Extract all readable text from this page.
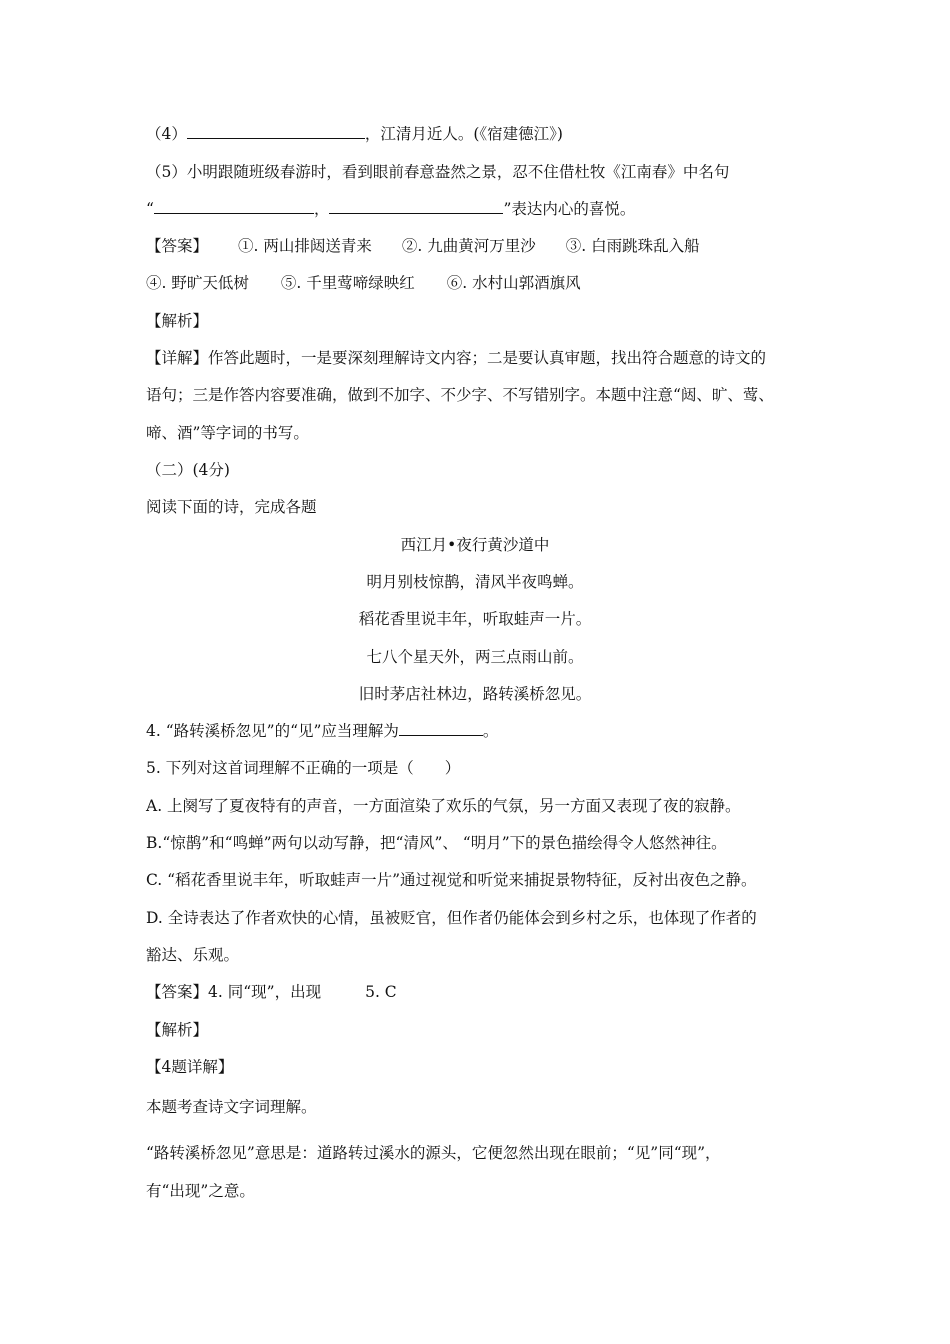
（4）	，江清月近人。(《宿建德江》)
（5）小明跟随班级春游时，看到眼前春意盎然之景，忍不住借杜牧《江南春》中名句
“	，	”表达内心的喜悦。
【答案】 ①. 两山排闼送青来 ②. 九曲黄河万里沙 ③. 白雨跳珠乱入船
④. 野旷天低树 ⑤. 千里莺啼绿映红 ⑥. 水村山郭酒旗风
【解析】
【详解】作答此题时，一是要深刻理解诗文内容；二是要认真审题，找出符合题意的诗文的
语句；三是作答内容要准确，做到不加字、不少字、不写错别字。本题中注意“闼、旷、莺、
啼、酒”等字词的书写。
（二）(4分)
阅读下面的诗，完成各题
西江月•夜行黄沙道中
明月别枝惊鹊，清风半夜鸣蝉。
稻花香里说丰年，听取蛙声一片。
七八个星天外，两三点雨山前。
旧时茅店社林边，路转溪桥忽见。
4. “路转溪桥忽见”的“见”应当理解为	。
5. 下列对这首词理解不正确的一项是（　　）
A. 上阕写了夏夜特有的声音，一方面渲染了欢乐的气氛，另一方面又表现了夜的寂静。
B.“惊鹊”和“鸣蝉”两句以动写静，把“清风”、 “明月”下的景色描绘得令人悠然神往。
C. “稻花香里说丰年，听取蛙声一片”通过视觉和听觉来捕捉景物特征，反衬出夜色之静。
D. 全诗表达了作者欢快的心情，虽被贬官，但作者仍能体会到乡村之乐，也体现了作者的
豁达、乐观。
【答案】4. 同“现”，出现	5. C
【解析】
【4题详解】
本题考查诗文字词理解。
“路转溪桥忽见”意思是：道路转过溪水的源头，它便忽然出现在眼前；“见”同“现”，
有“出现”之意。
